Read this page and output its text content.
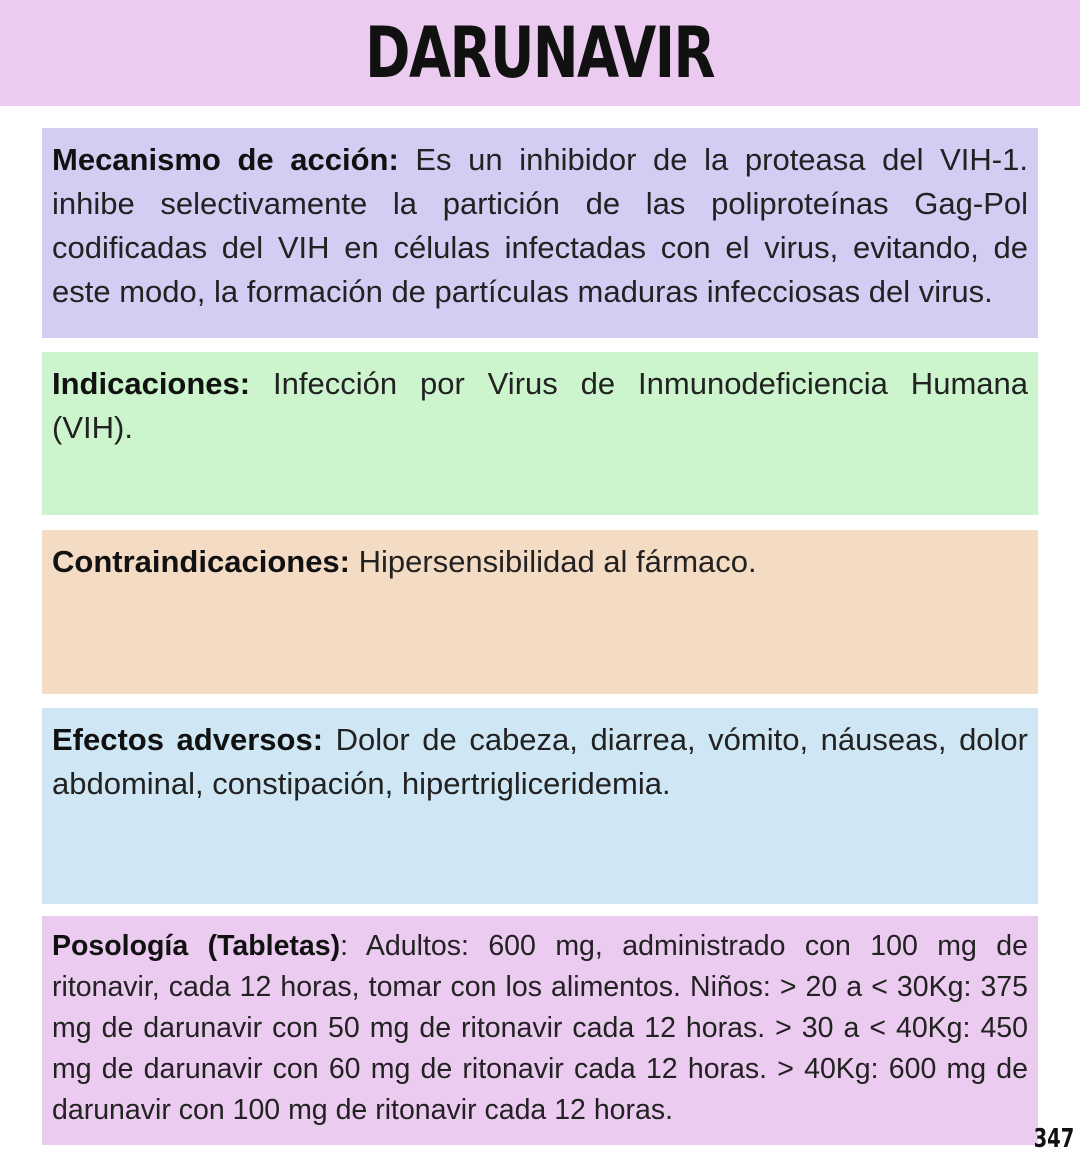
DARUNAVIR

Mecanismo de acción: Es un inhibidor de la proteasa del VIH-1. inhibe selectivamente la partición de las poliproteínas Gag-Pol codificadas del VIH en células infectadas con el virus, evitando, de este modo, la formación de partículas maduras infecciosas del virus.

Indicaciones: Infección por Virus de Inmunodeficiencia Humana (VIH).

Contraindicaciones: Hipersensibilidad al fármaco.

Efectos adversos: Dolor de cabeza, diarrea, vómito, náuseas, dolor abdominal, constipación, hipertrigliceridemia.

Posología (Tabletas): Adultos: 600 mg, administrado con 100 mg de ritonavir, cada 12 horas, tomar con los alimentos. Niños: > 20 a < 30Kg: 375 mg de darunavir con 50 mg de ritonavir cada 12 horas. > 30 a < 40Kg: 450 mg de darunavir con 60 mg de ritonavir cada 12 horas. > 40Kg: 600 mg de darunavir con 100 mg de ritonavir cada 12 horas.

347
